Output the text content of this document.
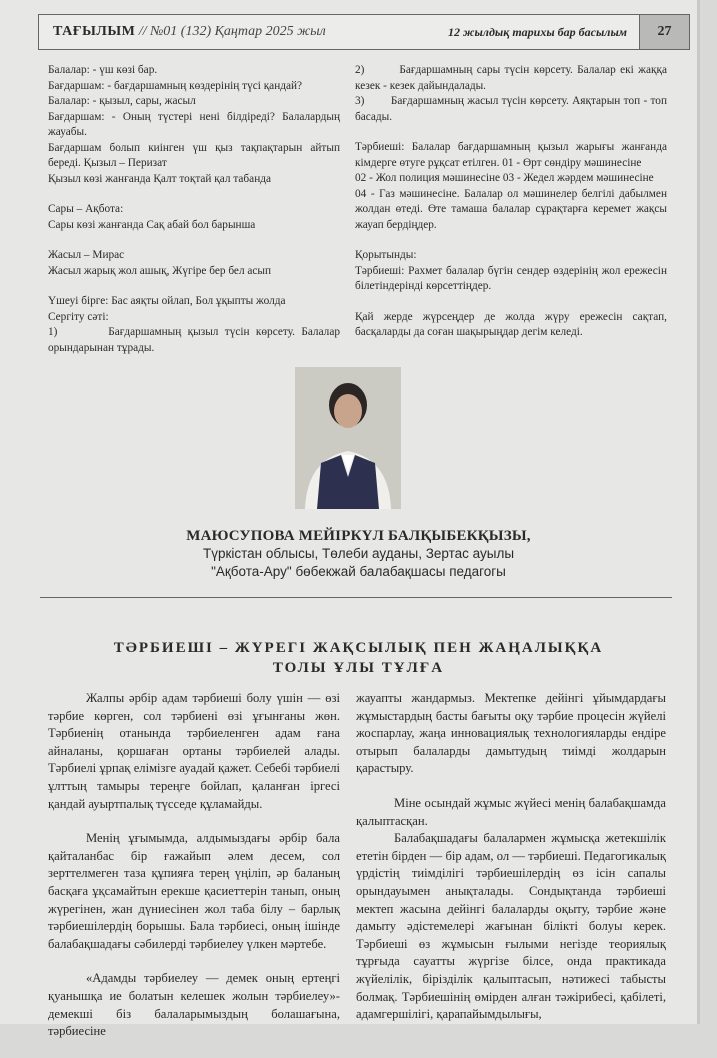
ТАҒЫЛЫМ // №01 (132) Қаңтар 2025 жыл	12 жылдық тарихы бар басылым	27

Балалар: - үш көзі бар.

Бағдаршам: - бағдаршамның көздерінің түсі қандай?

Балалар: - қызыл, сары, жасыл

Бағдаршам: - Оның түстері нені білдіреді? Балалардың жауабы.

Бағдаршам болып киінген үш қыз тақпақтарын айтып береді. Қызыл – Перизат

Қызыл көзі жанғанда Қалт тоқтай қал табанда

Сары – Ақбота:

Сары көзі жанғанда Сақ абай бол барынша

Жасыл – Мирас

Жасыл жарық жол ашық, Жүгіре бер бел асып

Үшеуі бірге: Бас аяқты ойлап, Бол ұқыпты жолда

Сергіту сәті:

1)        Бағдаршамның қызыл түсін көрсету. Балалар орындарынан тұрады.

2)        Бағдаршамның сары түсін көрсету. Балалар екі жаққа кезек - кезек дайындалады.

3)        Бағдаршамның жасыл түсін көрсету. Аяқтарын топ - топ басады.

Тәрбиеші: Балалар бағдаршамның қызыл жарығы жанғанда кімдерге өтуге рұқсат етілген. 01 - Өрт сөндіру мәшинесіне

02 - Жол полиция мәшинесіне 03 - Жедел жәрдем мәшинесіне

04 - Газ мәшинесіне. Балалар ол мәшинелер белгілі дабылмен жолдан өтеді. Өте тамаша балалар сұрақтарға керемет жақсы жауап бердіңдер.

Қорытынды:

Тәрбиеші: Рахмет балалар бүгін сендер өздерінің жол ережесін білетіндерінді көрсеттіңдер.

Қай жерде жүрсеңдер де жолда жүру ережесін сақтап, басқаларды да соған шақырыңдар дегім келеді.

МАЮСУПОВА МЕЙІРКҮЛ БАЛҚЫБЕКҚЫЗЫ,
Түркістан облысы, Төлеби ауданы, Зертас ауылы
"Ақбота-Ару" бөбекжай балабақшасы педагогы
ТӘРБИЕШІ – ЖҮРЕГІ ЖАҚСЫЛЫҚ ПЕН ЖАҢАЛЫҚҚА
ТОЛЫ ҰЛЫ ТҰЛҒА

Жалпы әрбір адам тәрбиеші болу үшін — өзі тәрбие көрген, сол тәрбиені өзі ұғынғаны жөн. Тәрбиенің отанында тәрбиеленген адам ғана айналаны, қоршаған ортаны тәрбиелей алады. Тәрбиелі ұрпақ елімізге ауадай қажет. Себебі тәрбиелі ұлттың тамыры тереңге бойлап, қаланған іргесі қандай ауыртпалық түсседе құламайды.

Менің ұғымымда, алдымыздағы әрбір бала қайталанбас бір ғажайып әлем десем, сол зерттелмеген таза құпияға терең үңіліп, әр баланың басқаға ұқсамайтын ерекше қасиеттерін танып, оның жүрегінен, жан дүниесінен жол таба білу – барлық тәрбиешілердің борышы. Бала тәрбиесі, оның ішінде балабақшадағы сәбилерді тәрбиелеу үлкен мәртебе.

«Адамды тәрбиелеу — демек оның ертеңгі қуанышқа ие болатын келешек жолын тәрбиелеу»- демекші біз балаларымыздың болашағына, тәрбиесіне

жауапты жандармыз. Мектепке дейінгі ұйымдардағы жұмыстардың басты бағыты оқу тәрбие процесін жүйелі жоспарлау, жаңа инновациялық технологияларды ендіре отырып балаларды дамытудың тиімді жолдарын қарастыру.

Міне осындай жұмыс жүйесі менің балабақшамда қалыптасқан.

Балабақшадағы балалармен жұмысқа жетекшілік ететін бірден — бір адам, ол — тәрбиеші. Педагогикалық үрдістің тиімділігі тәрбиешілердің өз ісін сапалы орындауымен анықталады. Сондықтанда тәрбиеші мектеп жасына дейінгі балаларды оқыту, тәрбие және дамыту әдістемелері жағынан білікті болуы керек. Тәрбиеші өз жұмысын ғылыми негізде теориялық тұрғыда сауатты жүргізе білсе, онда практикада жүйелілік, бірізділік қалыптасып, нәтижесі табысты болмақ. Тәрбиешінің өмірден алған тәжірибесі, қабілеті, адамгершілігі, қарапайымдылығы,
